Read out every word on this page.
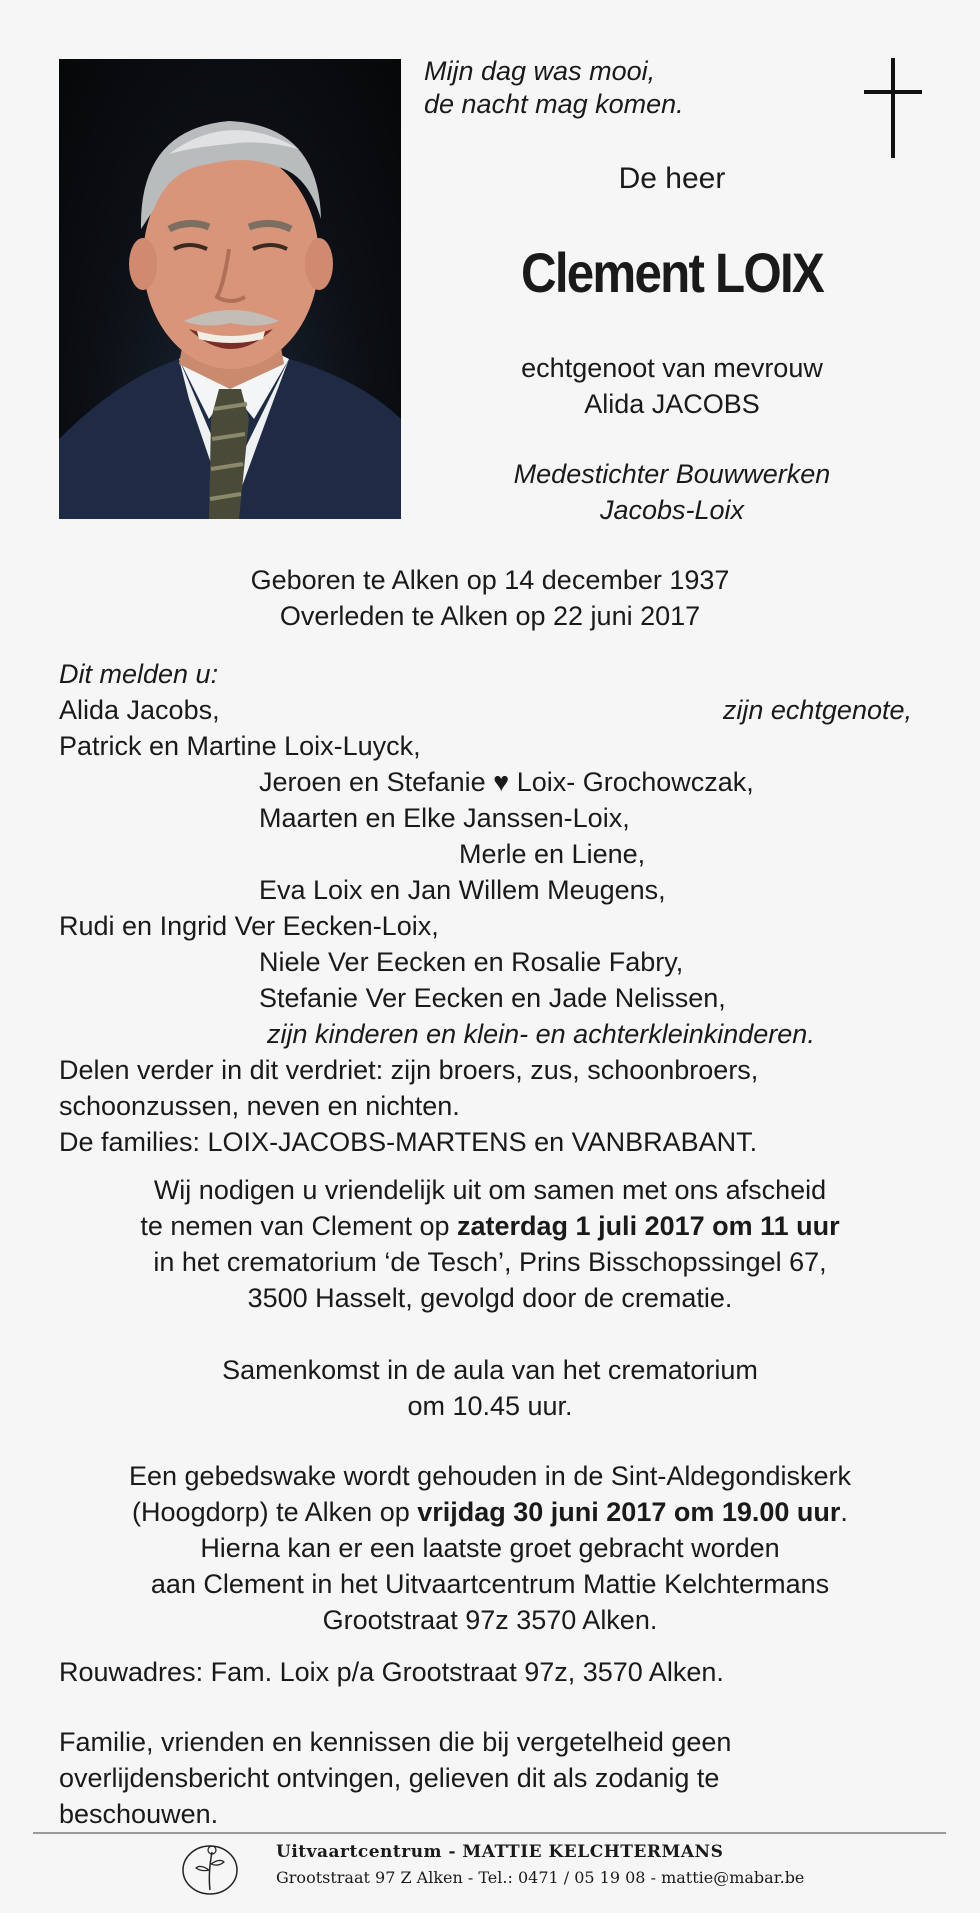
Mijn dag was mooi,
de nacht mag komen.
De heer
Clement LOIX
echtgenoot van mevrouw
Alida JACOBS
Medestichter Bouwwerken
Jacobs-Loix
Geboren te Alken op 14 december 1937
Overleden te Alken op 22 juni 2017
Dit melden u:
Alida Jacobs,	zijn echtgenote,
Patrick en Martine Loix-Luyck,
Jeroen en Stefanie ♥ Loix- Grochowczak,
Maarten en Elke Janssen-Loix,
Merle en Liene,
Eva Loix en Jan Willem Meugens,
Rudi en Ingrid Ver Eecken-Loix,
Niele Ver Eecken en Rosalie Fabry,
Stefanie Ver Eecken en Jade Nelissen,
zijn kinderen en klein- en achterkleinkinderen.
Delen verder in dit verdriet: zijn broers, zus, schoonbroers,
schoonzussen, neven en nichten.
De families: LOIX-JACOBS-MARTENS en VANBRABANT.
Wij nodigen u vriendelijk uit om samen met ons afscheid
te nemen van Clement op zaterdag 1 juli 2017 om 11 uur
in het crematorium ‘de Tesch’, Prins Bisschopssingel 67,
3500 Hasselt, gevolgd door de crematie.
Samenkomst in de aula van het crematorium
om 10.45 uur.
Een gebedswake wordt gehouden in de Sint-Aldegondiskerk
(Hoogdorp) te Alken op vrijdag 30 juni 2017 om 19.00 uur.
Hierna kan er een laatste groet gebracht worden
aan Clement in het Uitvaartcentrum Mattie Kelchtermans
Grootstraat 97z 3570 Alken.
Rouwadres: Fam. Loix p/a Grootstraat 97z, 3570 Alken.
Familie, vrienden en kennissen die bij vergetelheid geen
overlijdensbericht ontvingen, gelieven dit als zodanig te
beschouwen.
Uitvaartcentrum - MATTIE KELCHTERMANS
Grootstraat 97 Z Alken - Tel.: 0471 / 05 19 08 - mattie@mabar.be
